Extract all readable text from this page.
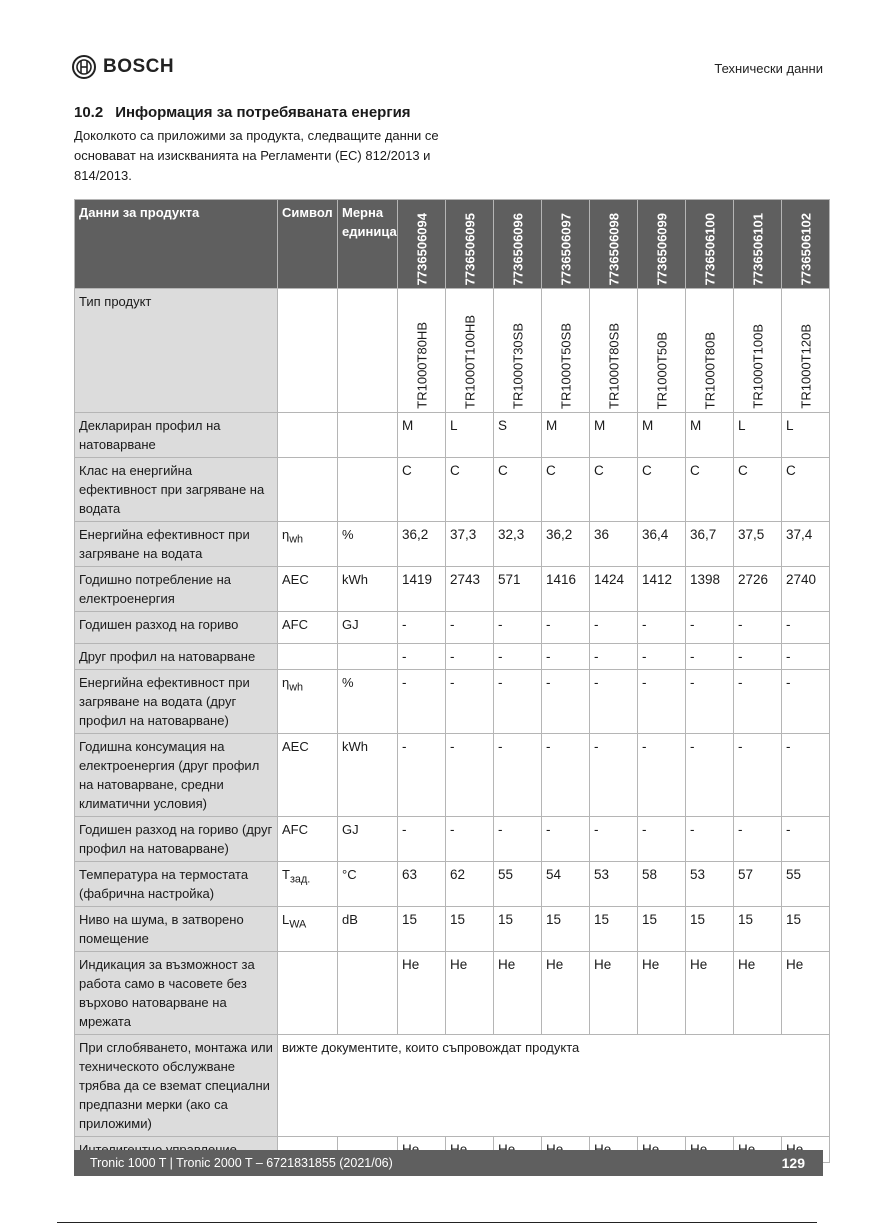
BOSCH	Технически данни
10.2 Информация за потребяваната енергия
Доколкото са приложими за продукта, следващите данни се основават на изискванията на Регламенти (ЕС) 812/2013 и 814/2013.
Данни за продукта	Символ	Мерна единица	7736506094	7736506095	7736506096	7736506097	7736506098	7736506099	7736506100	7736506101	7736506102

Тип продукт			TR1000T80HB	TR1000T100HB	TR1000T30SB	TR1000T50SB	TR1000T80SB	TR1000T50B	TR1000T80B	TR1000T100B	TR1000T120B

Деклариран профил на натоварване			M	L	S	M	M	M	M	L	L
Клас на енергийна ефективност при загряване на водата			C	C	C	C	C	C	C	C	C
Енергийна ефективност при загряване на водата	$\eta_{wh}$	%	36,2	37,3	32,3	36,2	36	36,4	36,7	37,5	37,4
Годишно потребление на електроенергия	AEC	kWh	1419	2743	571	1416	1424	1412	1398	2726	2740
Годишен разход на гориво	AFC	GJ	-	-	-	-	-	-	-	-	-
Друг профил на натоварване			-	-	-	-	-	-	-	-	-
Енергийна ефективност при загряване на водата (друг профил на натоварване)	$\eta_{wh}$	%	-	-	-	-	-	-	-	-	-
Годишна консумация на електроенергия (друг профил на натоварване, средни климатични условия)	AEC	kWh	-	-	-	-	-	-	-	-	-
Годишен разход на гориво (друг профил на натоварване)	AFC	GJ	-	-	-	-	-	-	-	-	-
Температура на термостата (фабрична настройка)	$T_{зад.}$	°C	63	62	55	54	53	58	53	57	55
Ниво на шума, в затворено помещение	$L_{WA}$	dB	15	15	15	15	15	15	15	15	15
Индикация за възможност за работа само в часовете без върхово натоварване на мрежата			Не	Не	Не	Не	Не	Не	Не	Не	Не
При сглобяването, монтажа или техническото обслужване трябва да се вземат специални предпазни мерки (ако са приложими)	вижте документите, които съпровождат продукта										

Tronic 1000 T | Tronic 2000 T – 6721831855 (2021/06)	129
